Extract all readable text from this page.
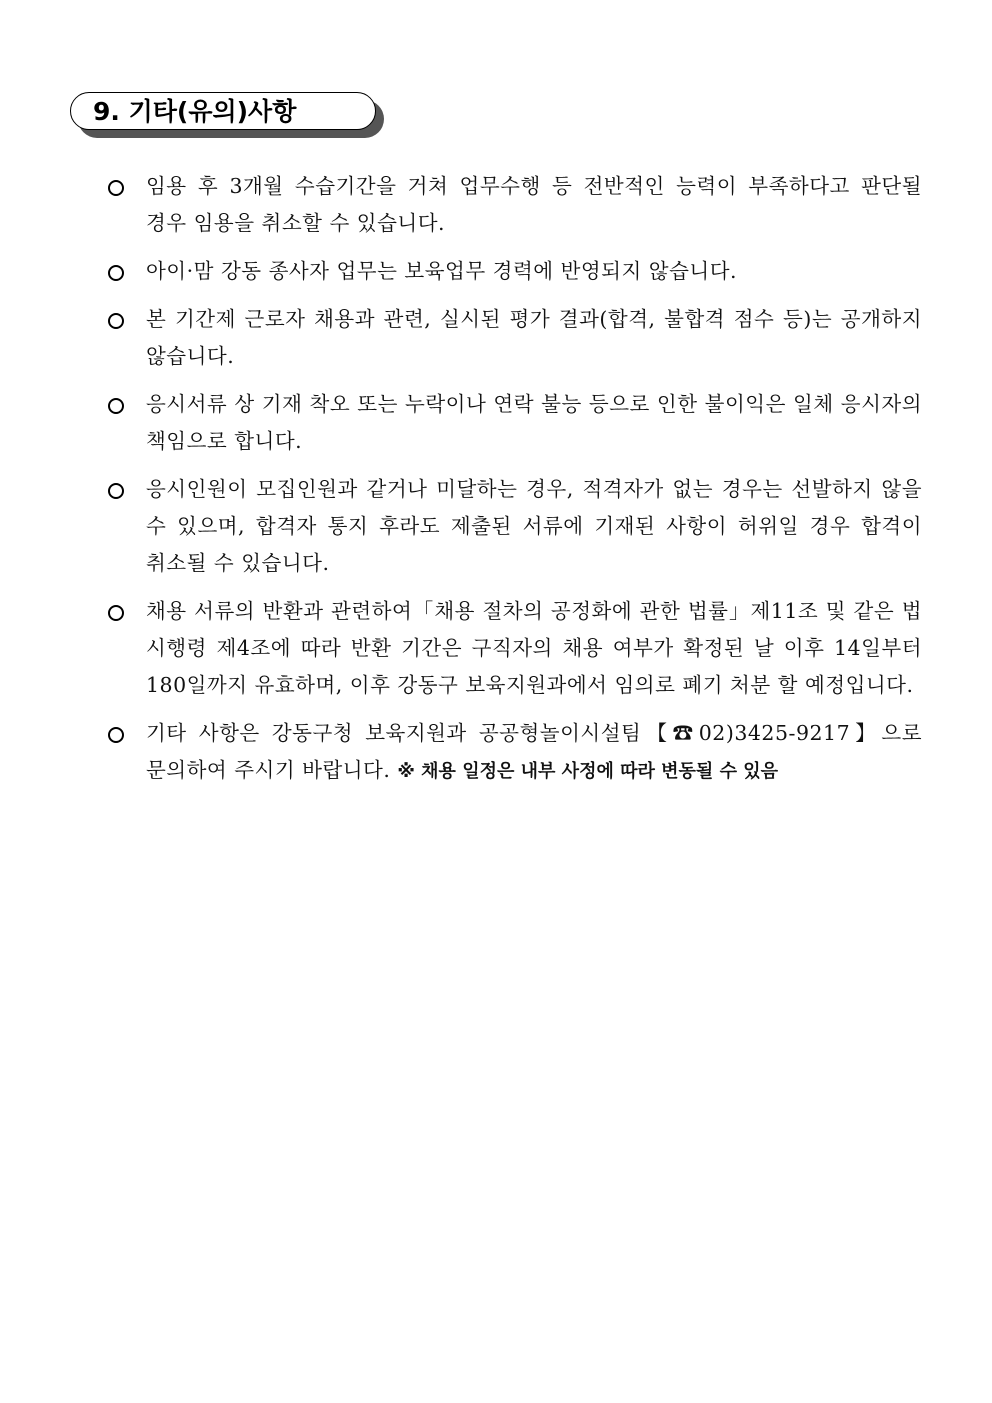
9. 기타(유의)사항
임용 후 3개월 수습기간을 거쳐 업무수행 등 전반적인 능력이 부족하다고 판단될 경우 임용을 취소할 수 있습니다.
아이·맘 강동 종사자 업무는 보육업무 경력에 반영되지 않습니다.
본 기간제 근로자 채용과 관련, 실시된 평가 결과(합격, 불합격 점수 등)는 공개하지 않습니다.
응시서류 상 기재 착오 또는 누락이나 연락 불능 등으로 인한 불이익은 일체 응시자의 책임으로 합니다.
응시인원이 모집인원과 같거나 미달하는 경우, 적격자가 없는 경우는 선발하지 않을 수 있으며, 합격자 통지 후라도 제출된 서류에 기재된 사항이 허위일 경우 합격이 취소될 수 있습니다.
채용 서류의 반환과 관련하여「채용 절차의 공정화에 관한 법률」제11조 및 같은 법 시행령 제4조에 따라 반환 기간은 구직자의 채용 여부가 확정된 날 이후 14일부터 180일까지 유효하며, 이후 강동구 보육지원과에서 임의로 폐기 처분 할 예정입니다.
기타 사항은 강동구청 보육지원과 공공형놀이시설팀【☎02)3425-9217】으로 문의하여 주시기 바랍니다. ※ 채용 일정은 내부 사정에 따라 변동될 수 있음
